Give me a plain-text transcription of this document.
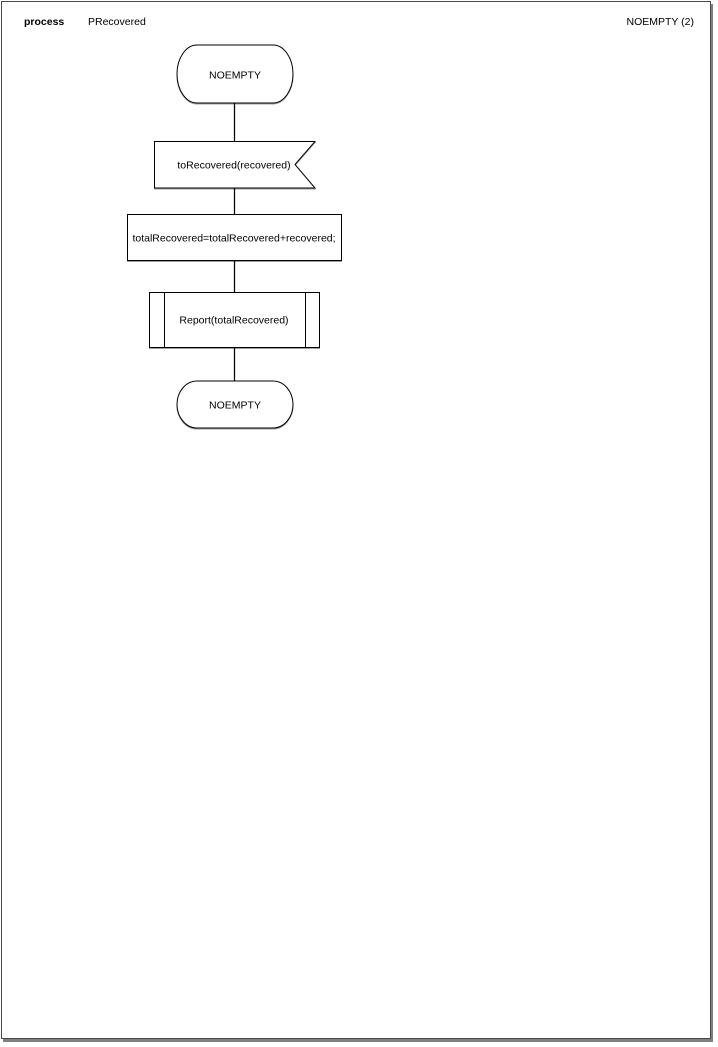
process PRecovered	NOEMPTY (2)
NOEMPTY
toRecovered(recovered)
totalRecovered=totalRecovered+recovered;
Report(totalRecovered)
NOEMPTY
